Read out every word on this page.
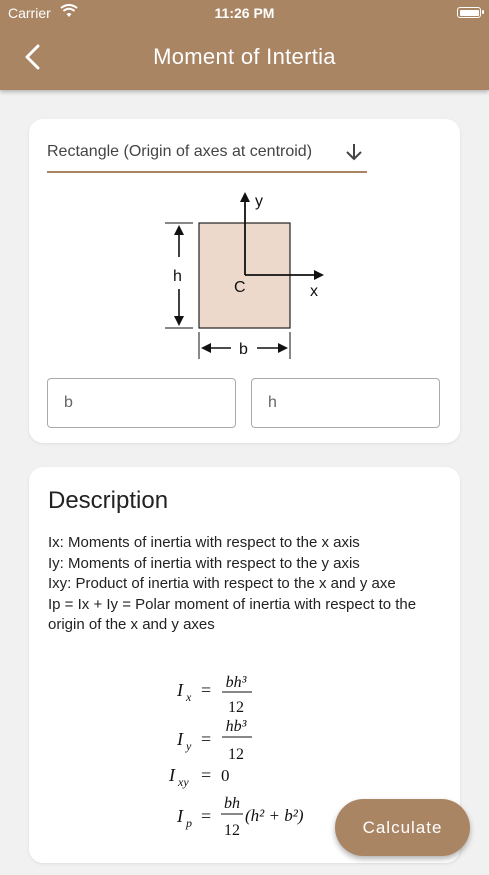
Carrier	11:26 PM
Moment of Intertia
Rectangle (Origin of axes at centroid)
y
x
C
h
b
b
h
Description
Ix: Moments of inertia with respect to the x axis
Iy: Moments of inertia with respect to the y axis
Ixy: Product of inertia with respect to the x and y axe
Ip = Ix + Iy = Polar moment of inertia with respect to the origin of the x and y axes
I x = bh³
12
I y =
hb³
12
I xy = 0
I p =
bh
12
(h² + b²)
Calculate
